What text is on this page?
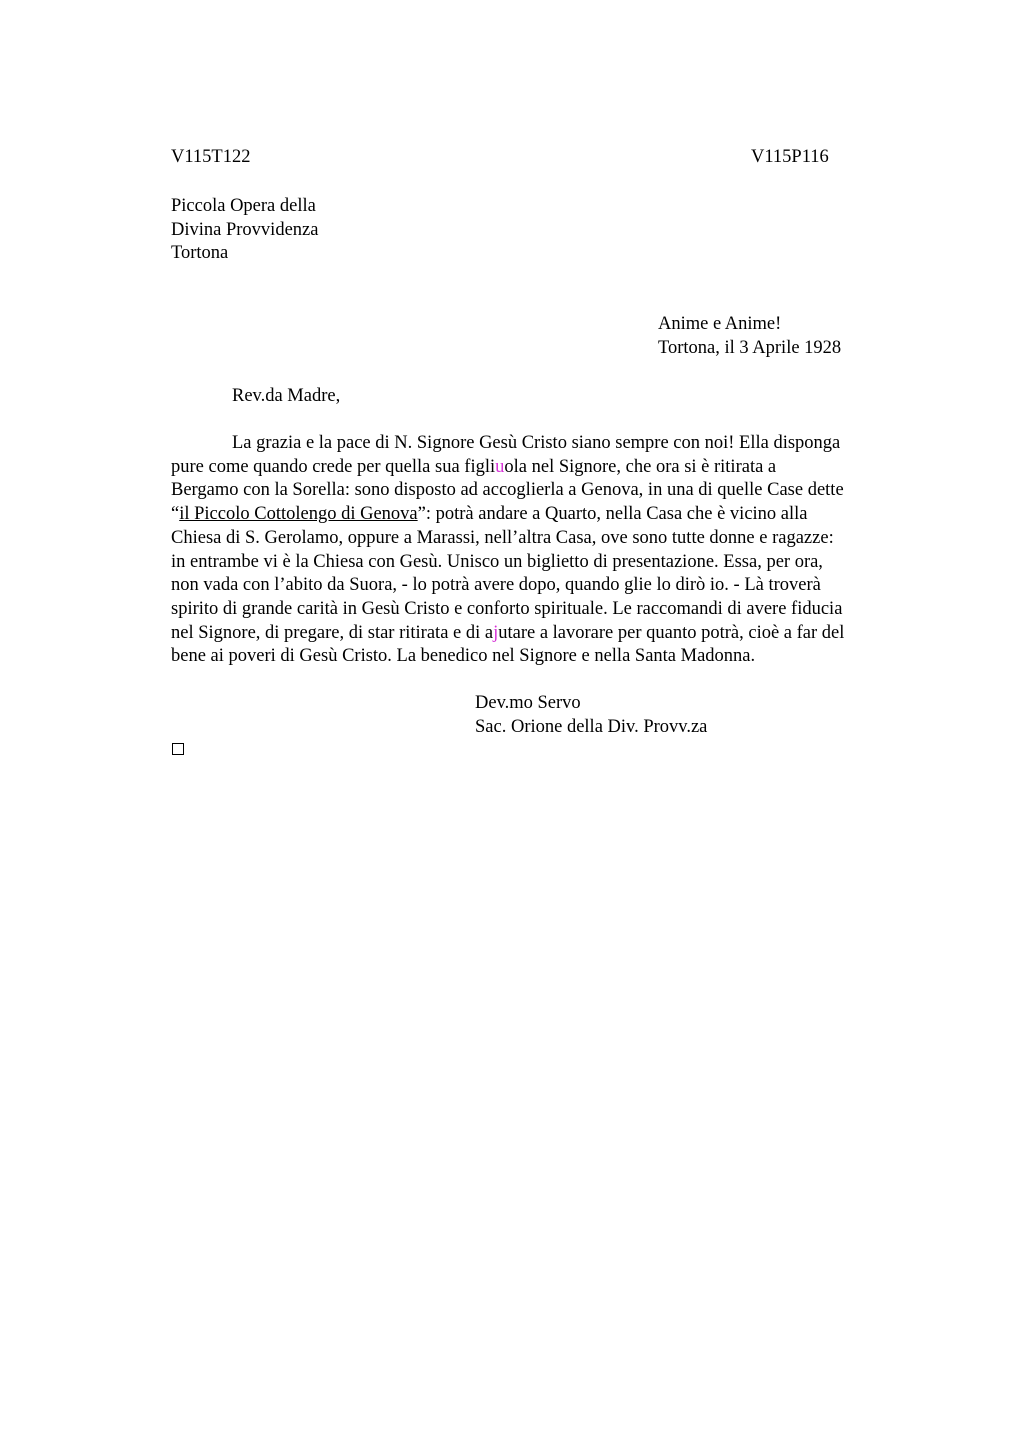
V115T122	V115P116
Piccola Opera della
Divina Provvidenza
Tortona
Anime e Anime!
Tortona, il 3 Aprile 1928
Rev.da Madre,
La grazia e la pace di N. Signore Gesù Cristo siano sempre con noi! Ella disponga
pure come quando crede per quella sua figliuola nel Signore, che ora si è ritirata a
Bergamo con la Sorella: sono disposto ad accoglierla a Genova, in una di quelle Case dette
“il Piccolo Cottolengo di Genova”: potrà andare a Quarto, nella Casa che è vicino alla
Chiesa di S. Gerolamo, oppure a Marassi, nell’altra Casa, ove sono tutte donne e ragazze:
in entrambe vi è la Chiesa con Gesù. Unisco un biglietto di presentazione. Essa, per ora,
non vada con l’abito da Suora, - lo potrà avere dopo, quando glie lo dirò io. - Là troverà
spirito di grande carità in Gesù Cristo e conforto spirituale. Le raccomandi di avere fiducia
nel Signore, di pregare, di star ritirata e di ajutare a lavorare per quanto potrà, cioè a far del
bene ai poveri di Gesù Cristo. La benedico nel Signore e nella Santa Madonna.
Dev.mo Servo
Sac. Orione della Div. Provv.za
